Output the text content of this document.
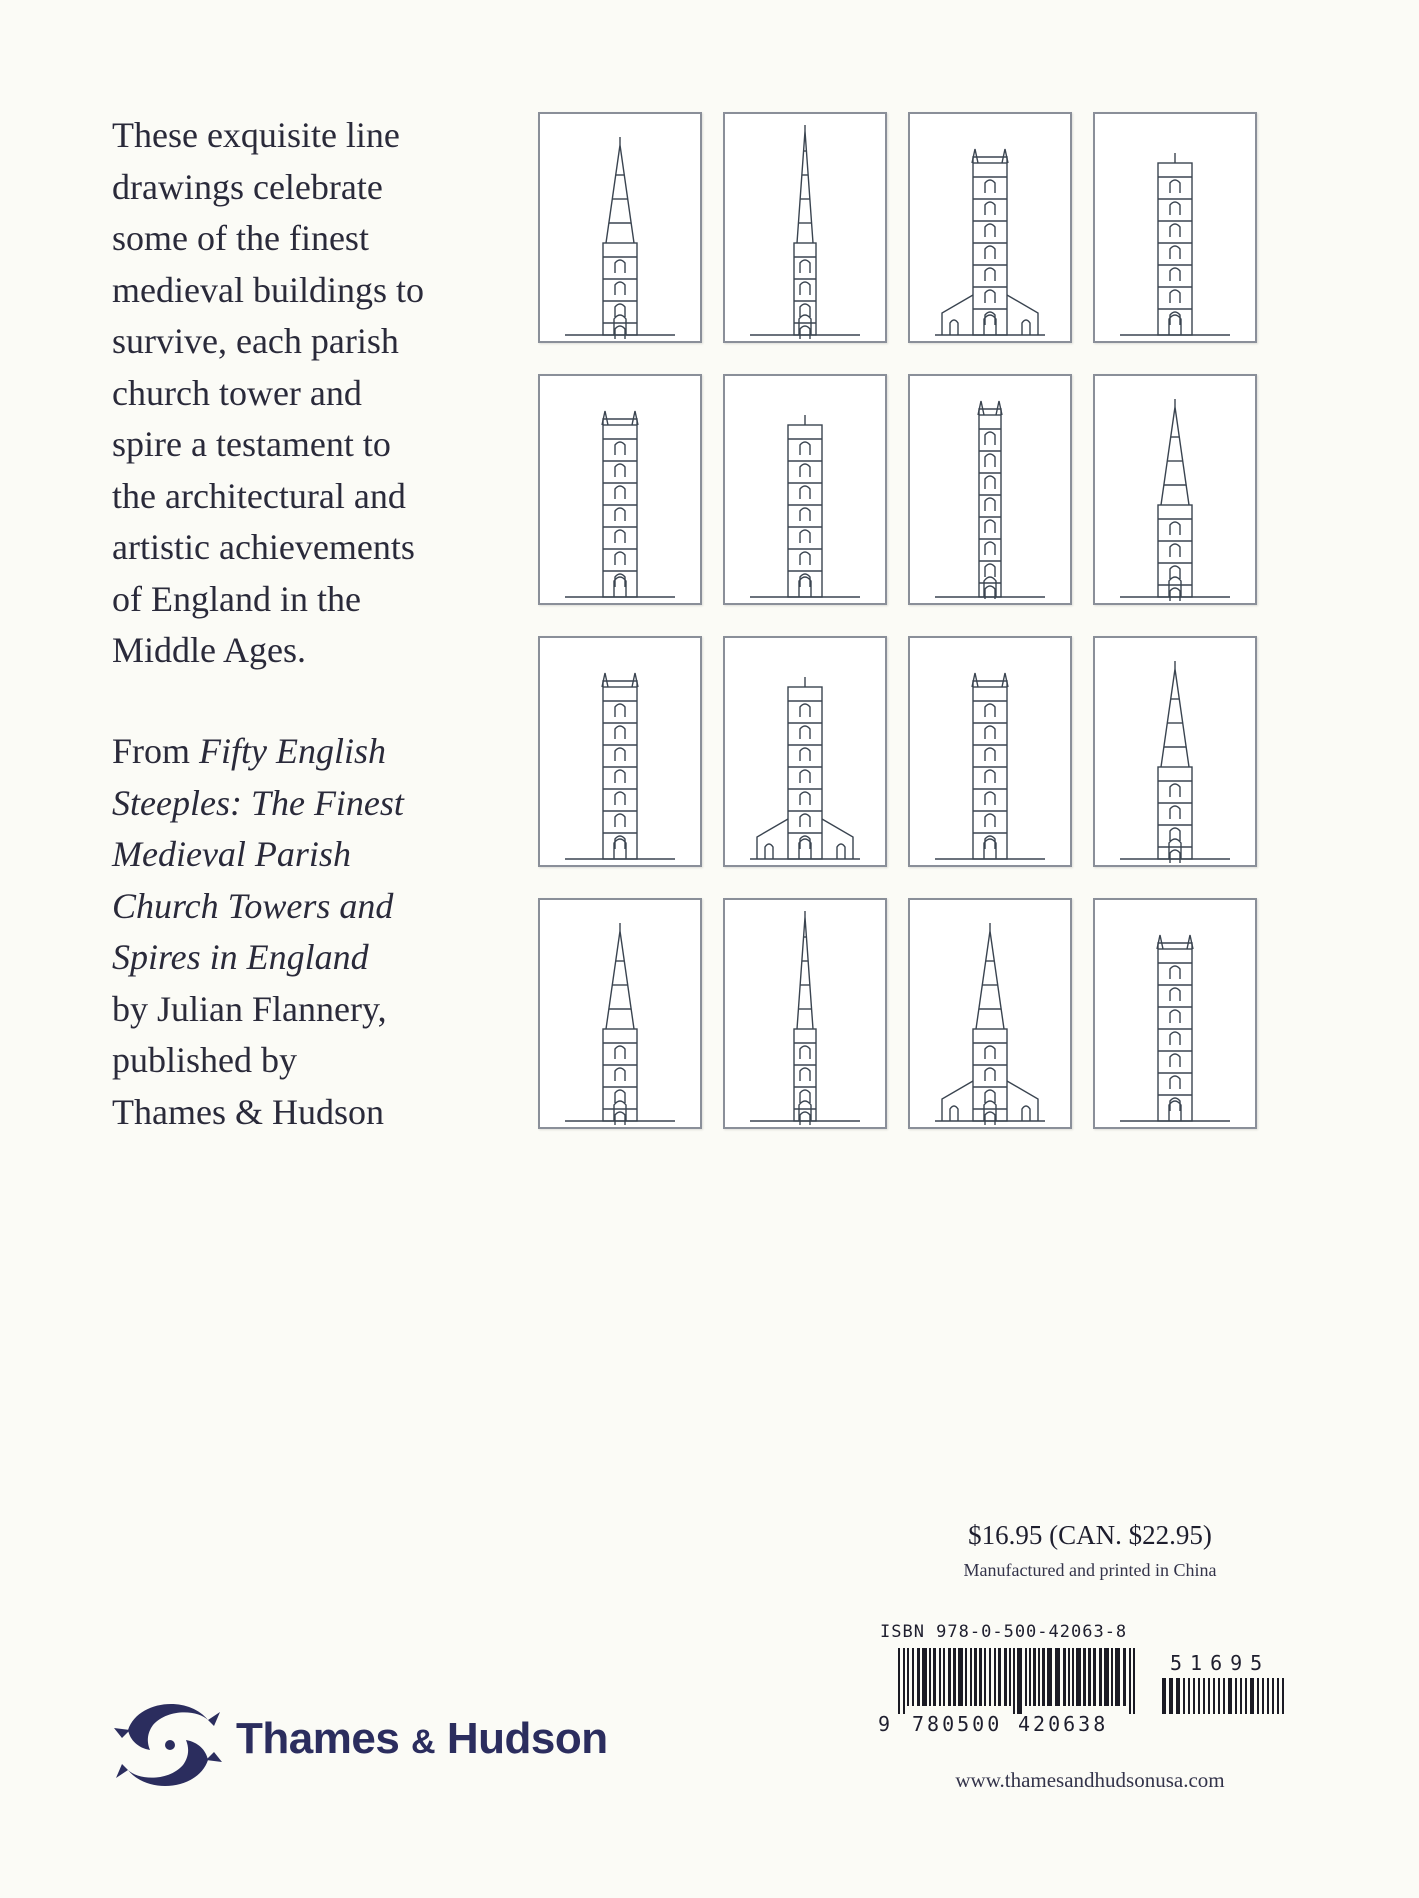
These exquisite line
drawings celebrate
some of the finest
medieval buildings to
survive, each parish
church tower and
spire a testament to
the architectural and
artistic achievements
of England in the
Middle Ages.
From Fifty English
Steeples: The Finest
Medieval Parish
Church Towers and
Spires in England
by Julian Flannery,
published by
Thames & Hudson
$16.95 (CAN. $22.95)
Manufactured and printed in China
ISBN 978-0-500-42063-8
9 780500 420638
51695
www.thamesandhudsonusa.com
Thames & Hudson
